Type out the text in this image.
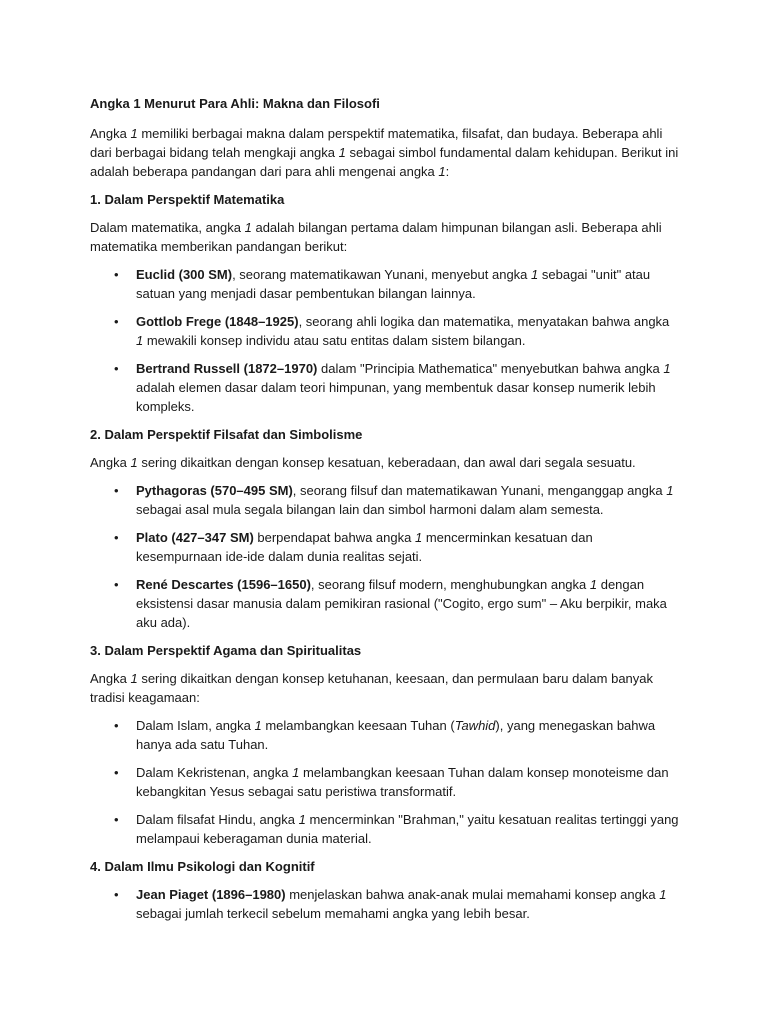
Angka 1 Menurut Para Ahli: Makna dan Filosofi

Angka 1 memiliki berbagai makna dalam perspektif matematika, filsafat, dan budaya. Beberapa ahli dari berbagai bidang telah mengkaji angka 1 sebagai simbol fundamental dalam kehidupan. Berikut ini adalah beberapa pandangan dari para ahli mengenai angka 1:

1. Dalam Perspektif Matematika

Dalam matematika, angka 1 adalah bilangan pertama dalam himpunan bilangan asli. Beberapa ahli matematika memberikan pandangan berikut:

• Euclid (300 SM), seorang matematikawan Yunani, menyebut angka 1 sebagai "unit" atau satuan yang menjadi dasar pembentukan bilangan lainnya.
• Gottlob Frege (1848–1925), seorang ahli logika dan matematika, menyatakan bahwa angka 1 mewakili konsep individu atau satu entitas dalam sistem bilangan.
• Bertrand Russell (1872–1970) dalam "Principia Mathematica" menyebutkan bahwa angka 1 adalah elemen dasar dalam teori himpunan, yang membentuk dasar konsep numerik lebih kompleks.

2. Dalam Perspektif Filsafat dan Simbolisme

Angka 1 sering dikaitkan dengan konsep kesatuan, keberadaan, dan awal dari segala sesuatu.

• Pythagoras (570–495 SM), seorang filsuf dan matematikawan Yunani, menganggap angka 1 sebagai asal mula segala bilangan lain dan simbol harmoni dalam alam semesta.
• Plato (427–347 SM) berpendapat bahwa angka 1 mencerminkan kesatuan dan kesempurnaan ide-ide dalam dunia realitas sejati.
• René Descartes (1596–1650), seorang filsuf modern, menghubungkan angka 1 dengan eksistensi dasar manusia dalam pemikiran rasional ("Cogito, ergo sum" – Aku berpikir, maka aku ada).

3. Dalam Perspektif Agama dan Spiritualitas

Angka 1 sering dikaitkan dengan konsep ketuhanan, keesaan, dan permulaan baru dalam banyak tradisi keagamaan:

• Dalam Islam, angka 1 melambangkan keesaan Tuhan (Tawhid), yang menegaskan bahwa hanya ada satu Tuhan.
• Dalam Kekristenan, angka 1 melambangkan keesaan Tuhan dalam konsep monoteisme dan kebangkitan Yesus sebagai satu peristiwa transformatif.
• Dalam filsafat Hindu, angka 1 mencerminkan "Brahman," yaitu kesatuan realitas tertinggi yang melampaui keberagaman dunia material.

4. Dalam Ilmu Psikologi dan Kognitif

• Jean Piaget (1896–1980) menjelaskan bahwa anak-anak mulai memahami konsep angka 1 sebagai jumlah terkecil sebelum memahami angka yang lebih besar.
